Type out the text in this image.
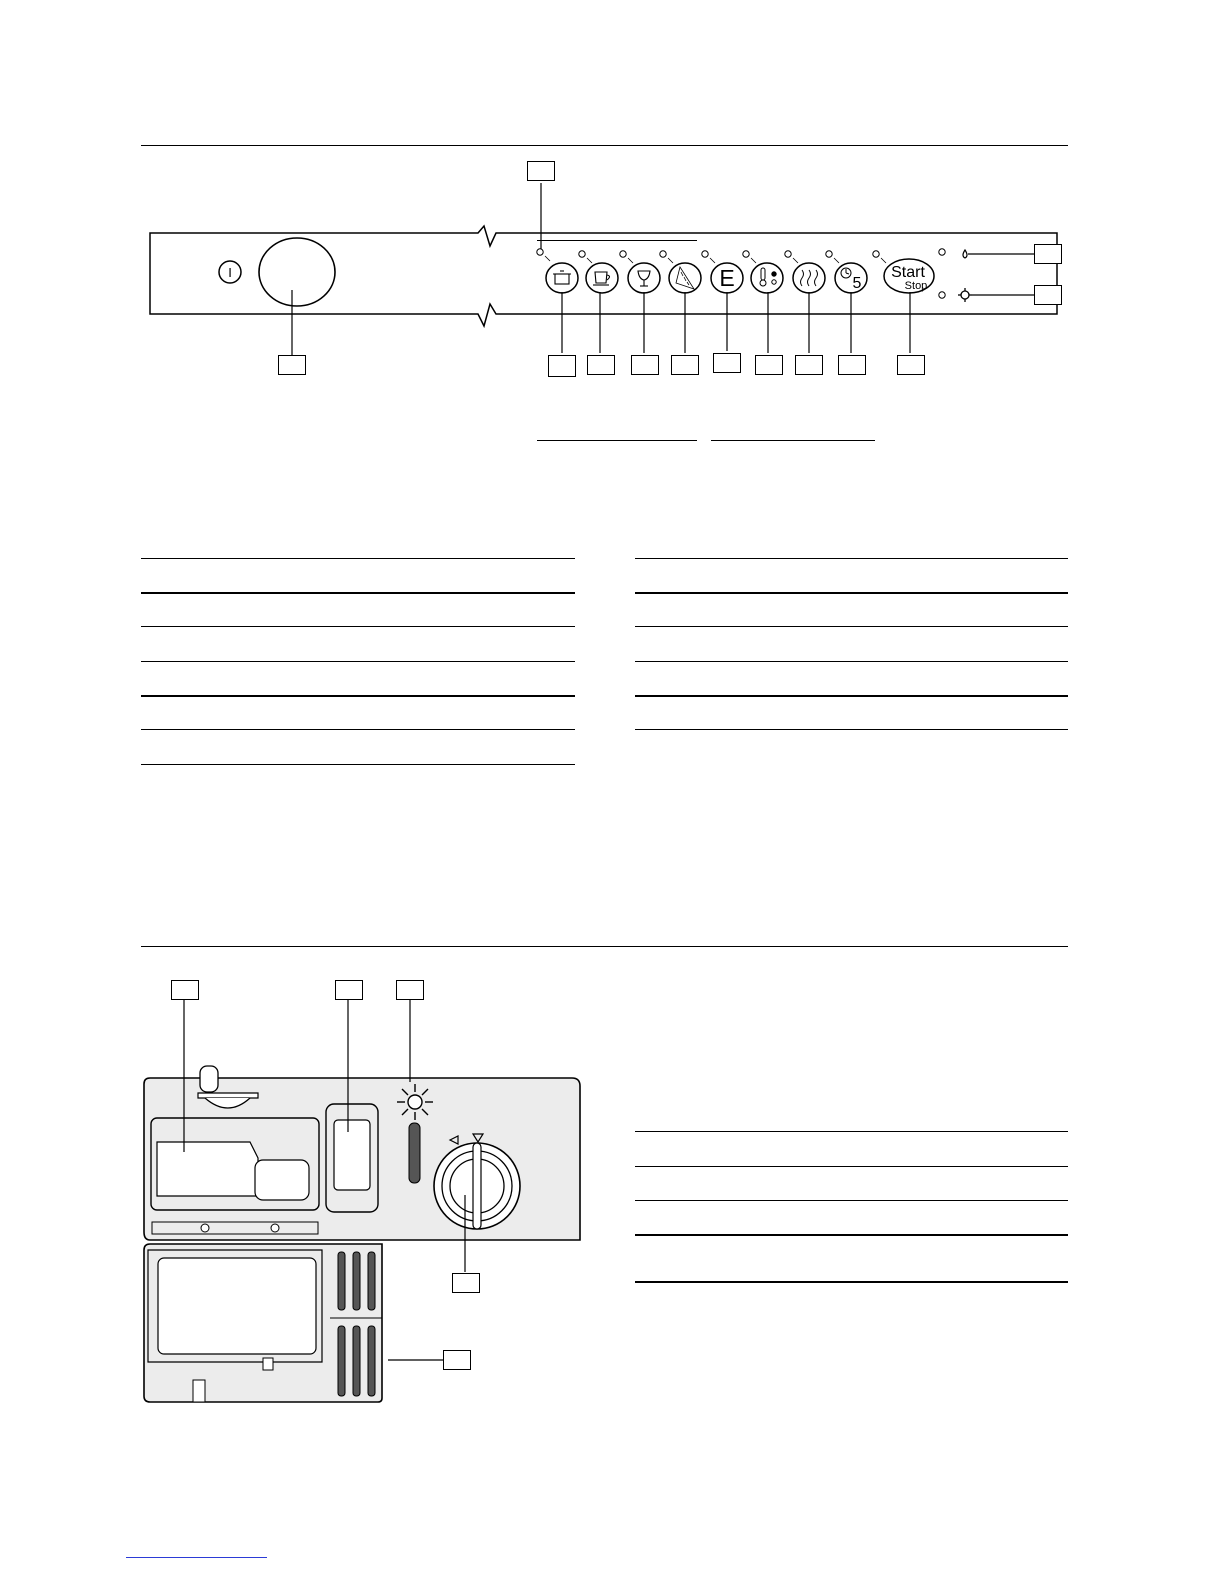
I	E	5
Start
Stop
